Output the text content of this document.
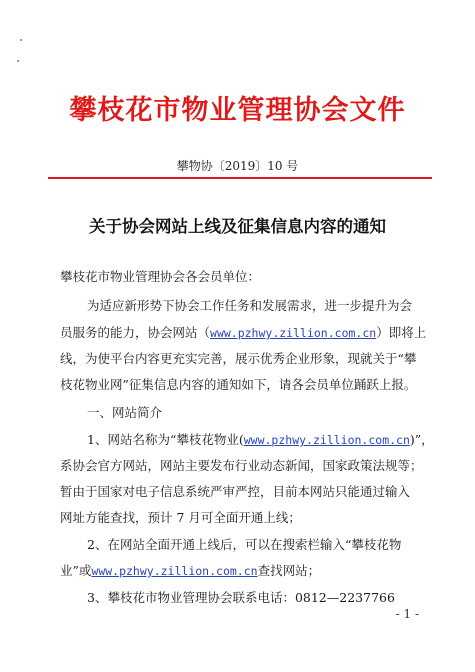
攀枝花市物业管理协会文件
攀物协〔2019〕10 号
关于协会网站上线及征集信息内容的通知
攀枝花市物业管理协会各会员单位：
为适应新形势下协会工作任务和发展需求，进一步提升为会
员服务的能力，协会网站（www.pzhwy.zillion.com.cn）即将上
线，为使平台内容更充实完善，展示优秀企业形象，现就关于“攀
枝花物业网”征集信息内容的通知如下，请各会员单位踊跃上报。
一、网站简介
1、网站名称为“攀枝花物业(www.pzhwy.zillion.com.cn)”，
系协会官方网站，网站主要发布行业动态新闻，国家政策法规等；
暂由于国家对电子信息系统严审严控，目前本网站只能通过输入
网址方能查找，预计 7 月可全面开通上线；
2、在网站全面开通上线后，可以在搜索栏输入“攀枝花物
业”或www.pzhwy.zillion.com.cn查找网站；
3、攀枝花市物业管理协会联系电话：0812—2237766
- 1 -
